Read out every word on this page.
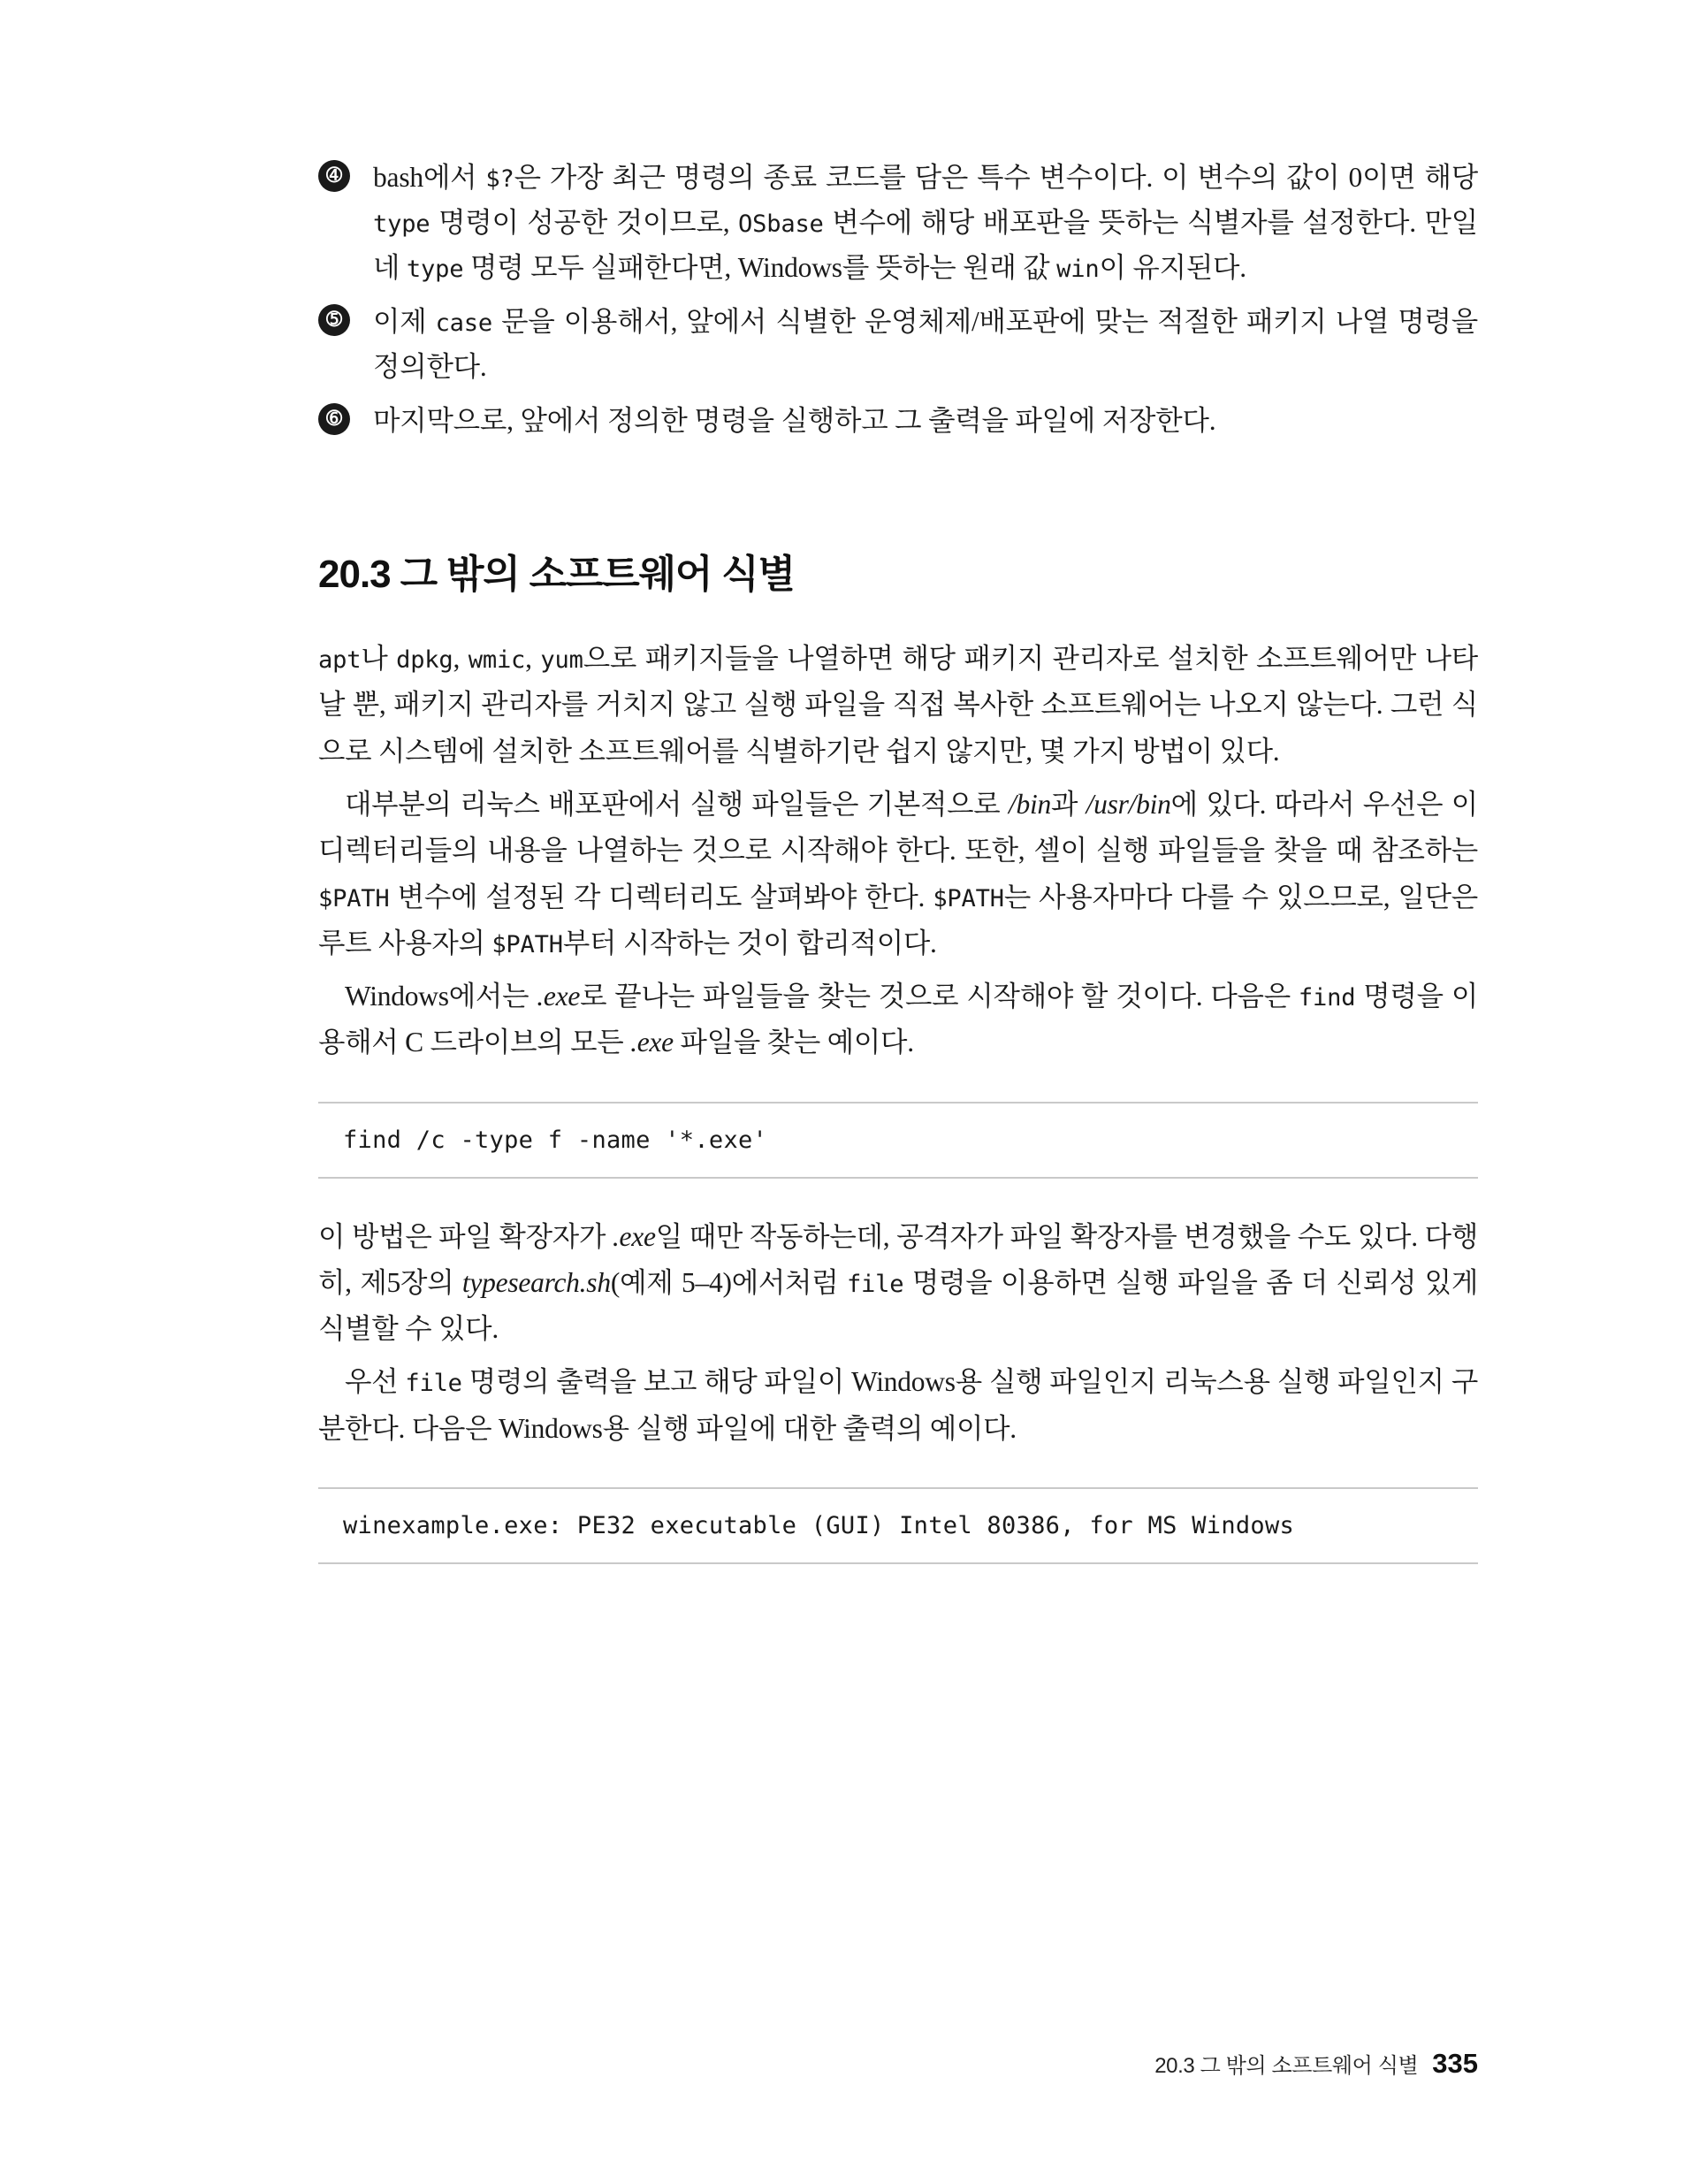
➃ bash에서 $?은 가장 최근 명령의 종료 코드를 담은 특수 변수이다. 이 변수의 값이 0이면 해당 type 명령이 성공한 것이므로, OSbase 변수에 해당 배포판을 뜻하는 식별자를 설정한다. 만일 네 type 명령 모두 실패한다면, Windows를 뜻하는 원래 값 win이 유지된다.
➄ 이제 case 문을 이용해서, 앞에서 식별한 운영체제/배포판에 맞는 적절한 패키지 나열 명령을 정의한다.
➅ 마지막으로, 앞에서 정의한 명령을 실행하고 그 출력을 파일에 저장한다.
20.3 그 밖의 소프트웨어 식별

apt나 dpkg, wmic, yum으로 패키지들을 나열하면 해당 패키지 관리자로 설치한 소프트웨어만 나타날 뿐, 패키지 관리자를 거치지 않고 실행 파일을 직접 복사한 소프트웨어는 나오지 않는다. 그런 식으로 시스템에 설치한 소프트웨어를 식별하기란 쉽지 않지만, 몇 가지 방법이 있다.

대부분의 리눅스 배포판에서 실행 파일들은 기본적으로 /bin과 /usr/bin에 있다. 따라서 우선은 이 디렉터리들의 내용을 나열하는 것으로 시작해야 한다. 또한, 셀이 실행 파일들을 찾을 때 참조하는 $PATH 변수에 설정된 각 디렉터리도 살펴봐야 한다. $PATH는 사용자마다 다를 수 있으므로, 일단은 루트 사용자의 $PATH부터 시작하는 것이 합리적이다.

Windows에서는 .exe로 끝나는 파일들을 찾는 것으로 시작해야 할 것이다. 다음은 find 명령을 이용해서 C 드라이브의 모든 .exe 파일을 찾는 예이다.

find /c -type f -name '*.exe'

이 방법은 파일 확장자가 .exe일 때만 작동하는데, 공격자가 파일 확장자를 변경했을 수도 있다. 다행히, 제5장의 typesearch.sh(예제 5–4)에서처럼 file 명령을 이용하면 실행 파일을 좀 더 신뢰성 있게 식별할 수 있다.

우선 file 명령의 출력을 보고 해당 파일이 Windows용 실행 파일인지 리눅스용 실행 파일인지 구분한다. 다음은 Windows용 실행 파일에 대한 출력의 예이다.

winexample.exe: PE32 executable (GUI) Intel 80386, for MS Windows
20.3 그 밖의 소프트웨어 식별 335
